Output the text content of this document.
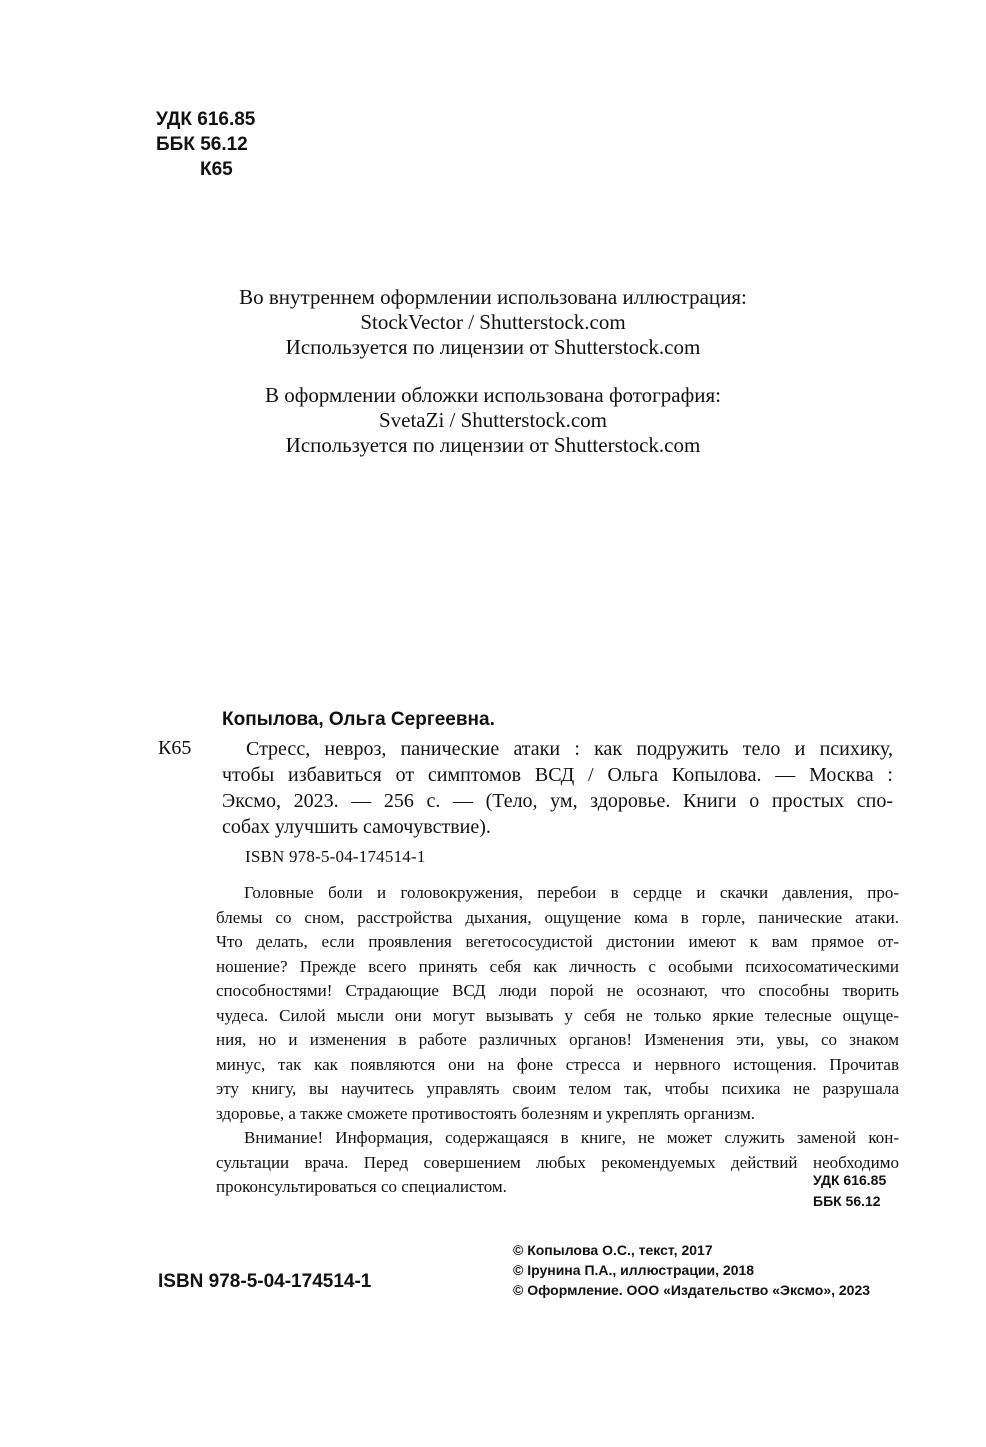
УДК 616.85
ББК 56.12
К65
Во внутреннем оформлении использована иллюстрация:
StockVector / Shutterstock.com
Используется по лицензии от Shutterstock.com
В оформлении обложки использована фотография:
SvetaZi / Shutterstock.com
Используется по лицензии от Shutterstock.com
Копылова, Ольга Сергеевна.
К65	Стресс, невроз, панические атаки : как подружить тело и психику,
чтобы избавиться от симптомов ВСД / Ольга Копылова. — Москва :
Эксмо, 2023. — 256 с. — (Тело, ум, здоровье. Книги о простых спо-
собах улучшить самочувствие).
ISBN 978-5-04-174514-1
Головные боли и головокружения, перебои в сердце и скачки давления, про-
блемы со сном, расстройства дыхания, ощущение кома в горле, панические атаки.
Что делать, если проявления вегетососудистой дистонии имеют к вам прямое от-
ношение? Прежде всего принять себя как личность с особыми психосоматическими
способностями! Страдающие ВСД люди порой не осознают, что способны творить
чудеса. Силой мысли они могут вызывать у себя не только яркие телесные ощуще-
ния, но и изменения в работе различных органов! Изменения эти, увы, со знаком
минус, так как появляются они на фоне стресса и нервного истощения. Прочитав
эту книгу, вы научитесь управлять своим телом так, чтобы психика не разрушала
здоровье, а также сможете противостоять болезням и укреплять организм.
Внимание! Информация, содержащаяся в книге, не может служить заменой кон-
сультации врача. Перед совершением любых рекомендуемых действий необходимо
проконсультироваться со специалистом.	УДК 616.85
ББК 56.12
© Копылова О.С., текст, 2017
© Ірунина П.А., иллюстрации, 2018
© Оформление. ООО «Издательство «Эксмо», 2023
ISBN 978-5-04-174514-1
